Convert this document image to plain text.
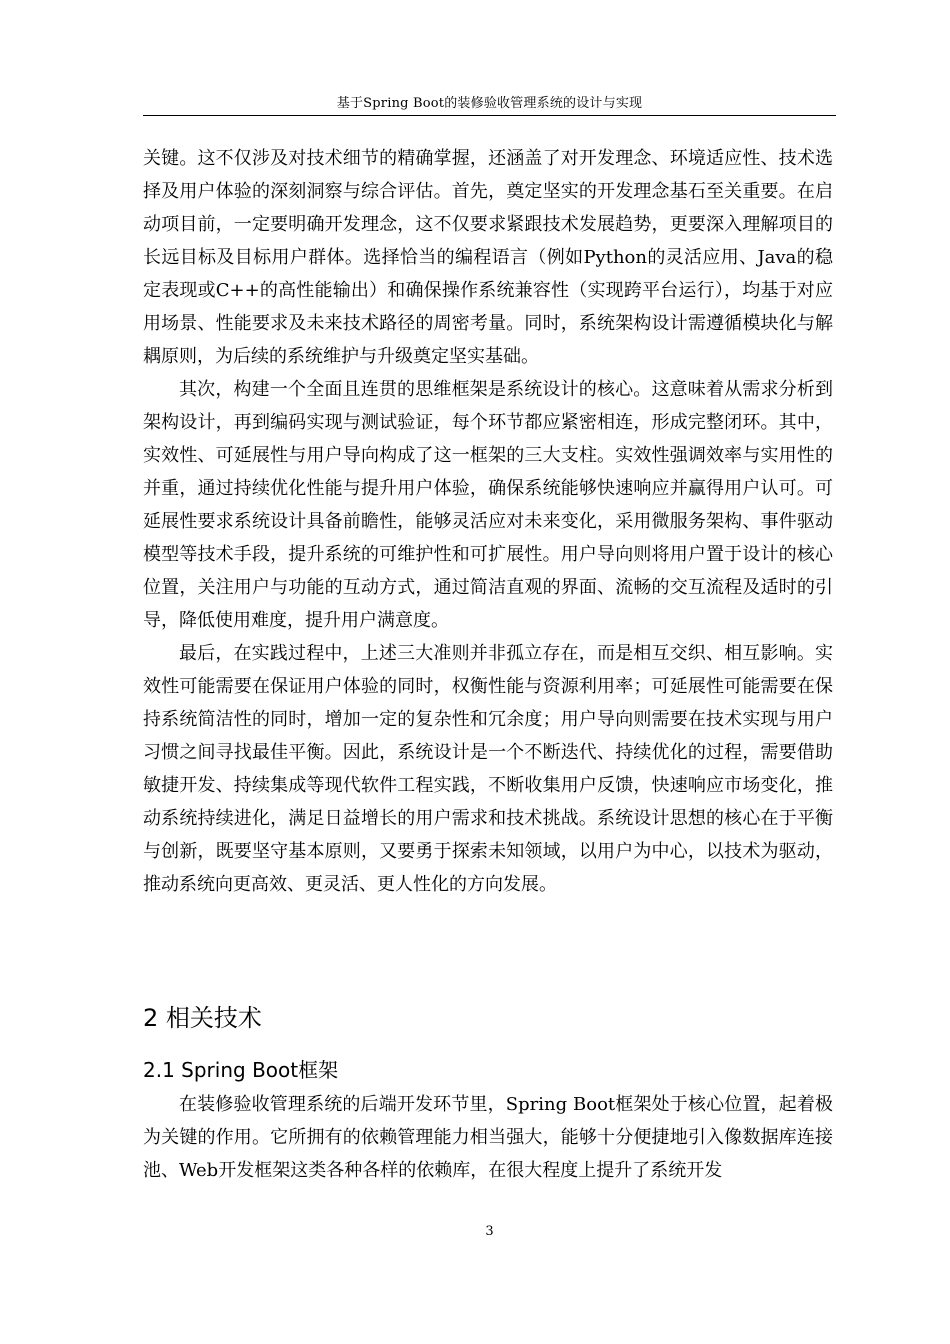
基于Spring Boot的装修验收管理系统的设计与实现

关键。这不仅涉及对技术细节的精确掌握，还涵盖了对开发理念、环境适应性、技术选择及用户体验的深刻洞察与综合评估。首先，奠定坚实的开发理念基石至关重要。在启动项目前，一定要明确开发理念，这不仅要求紧跟技术发展趋势，更要深入理解项目的长远目标及目标用户群体。选择恰当的编程语言（例如Python的灵活应用、Java的稳定表现或C++的高性能输出）和确保操作系统兼容性（实现跨平台运行），均基于对应用场景、性能要求及未来技术路径的周密考量。同时，系统架构设计需遵循模块化与解耦原则，为后续的系统维护与升级奠定坚实基础。

其次，构建一个全面且连贯的思维框架是系统设计的核心。这意味着从需求分析到架构设计，再到编码实现与测试验证，每个环节都应紧密相连，形成完整闭环。其中，实效性、可延展性与用户导向构成了这一框架的三大支柱。实效性强调效率与实用性的并重，通过持续优化性能与提升用户体验，确保系统能够快速响应并赢得用户认可。可延展性要求系统设计具备前瞻性，能够灵活应对未来变化，采用微服务架构、事件驱动模型等技术手段，提升系统的可维护性和可扩展性。用户导向则将用户置于设计的核心位置，关注用户与功能的互动方式，通过简洁直观的界面、流畅的交互流程及适时的引导，降低使用难度，提升用户满意度。

最后，在实践过程中，上述三大准则并非孤立存在，而是相互交织、相互影响。实效性可能需要在保证用户体验的同时，权衡性能与资源利用率；可延展性可能需要在保持系统简洁性的同时，增加一定的复杂性和冗余度；用户导向则需要在技术实现与用户习惯之间寻找最佳平衡。因此，系统设计是一个不断迭代、持续优化的过程，需要借助敏捷开发、持续集成等现代软件工程实践，不断收集用户反馈，快速响应市场变化，推动系统持续进化，满足日益增长的用户需求和技术挑战。系统设计思想的核心在于平衡与创新，既要坚守基本原则，又要勇于探索未知领域，以用户为中心，以技术为驱动，推动系统向更高效、更灵活、更人性化的方向发展。

2 相关技术
2.1 Spring Boot框架

在装修验收管理系统的后端开发环节里，Spring Boot框架处于核心位置，起着极为关键的作用。它所拥有的依赖管理能力相当强大，能够十分便捷地引入像数据库连接池、Web开发框架这类各种各样的依赖库，在很大程度上提升了系统开发

3
